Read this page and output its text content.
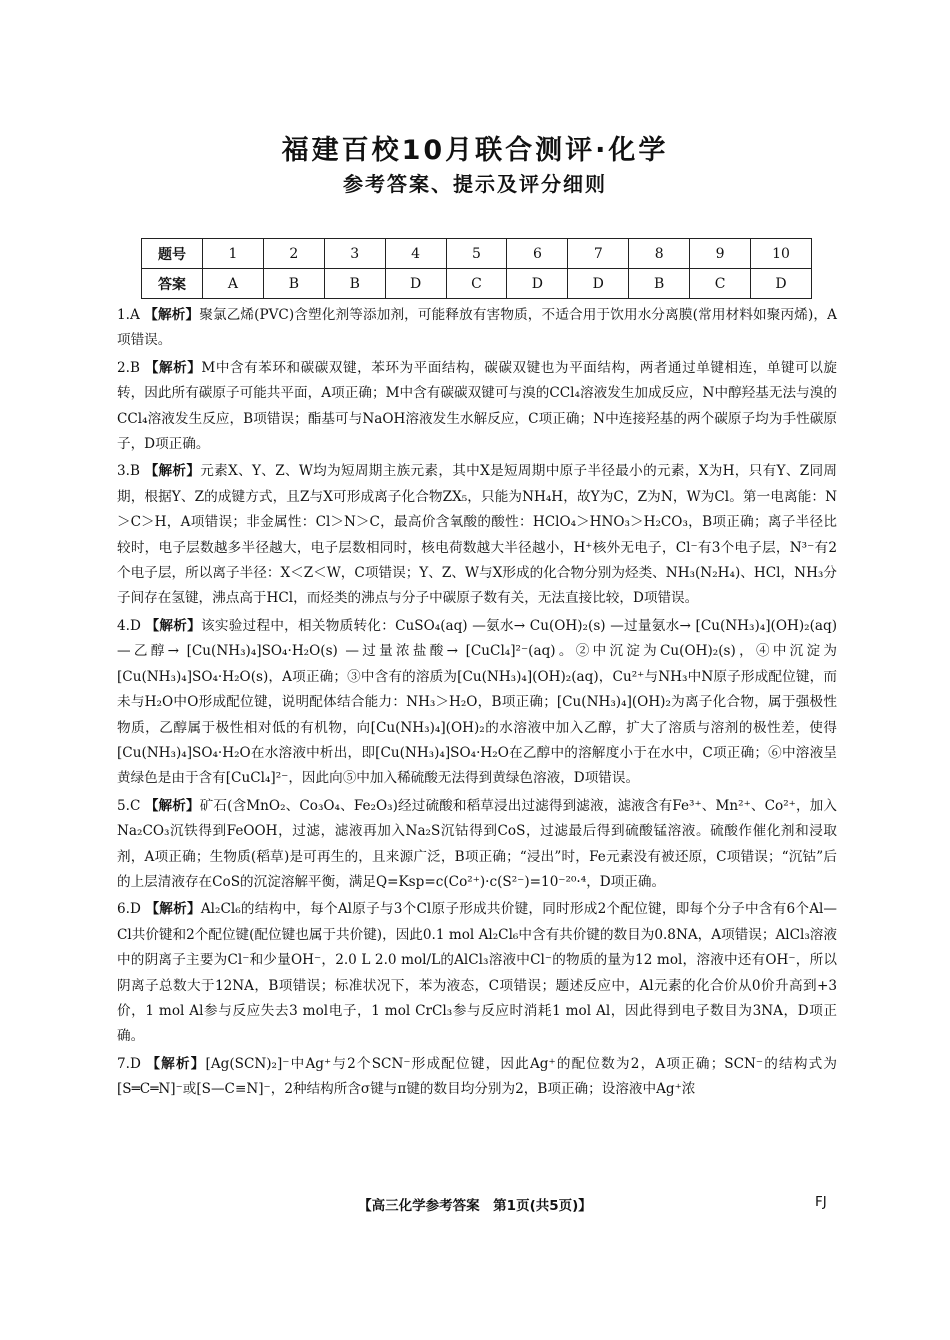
福建百校10月联合测评·化学
参考答案、提示及评分细则
题号	1	2	3	4	5	6	7	8	9	10
答案	A	B	B	D	C	D	D	B	C	D

1.A 【解析】聚氯乙烯(PVC)含塑化剂等添加剂，可能释放有害物质，不适合用于饮用水分离膜(常用材料如聚丙烯)，A项错误。

2.B 【解析】M中含有苯环和碳碳双键，苯环为平面结构，碳碳双键也为平面结构，两者通过单键相连，单键可以旋转，因此所有碳原子可能共平面，A项正确；M中含有碳碳双键可与溴的CCl₄溶液发生加成反应，N中醇羟基无法与溴的CCl₄溶液发生反应，B项错误；酯基可与NaOH溶液发生水解反应，C项正确；N中连接羟基的两个碳原子均为手性碳原子，D项正确。

3.B 【解析】元素X、Y、Z、W均为短周期主族元素，其中X是短周期中原子半径最小的元素，X为H，只有Y、Z同周期，根据Y、Z的成键方式，且Z与X可形成离子化合物ZX₅，只能为NH₄H，故Y为C，Z为N，W为Cl。第一电离能：N＞C＞H，A项错误；非金属性：Cl＞N＞C，最高价含氧酸的酸性：HClO₄＞HNO₃＞H₂CO₃，B项正确；离子半径比较时，电子层数越多半径越大，电子层数相同时，核电荷数越大半径越小，H⁺核外无电子，Cl⁻有3个电子层，N³⁻有2个电子层，所以离子半径：X＜Z＜W，C项错误；Y、Z、W与X形成的化合物分别为烃类、NH₃(N₂H₄)、HCl，NH₃分子间存在氢键，沸点高于HCl，而烃类的沸点与分子中碳原子数有关，无法直接比较，D项错误。

4.D 【解析】该实验过程中，相关物质转化：CuSO₄(aq) —氨水→ Cu(OH)₂(s) —过量氨水→ [Cu(NH₃)₄](OH)₂(aq) —乙醇→ [Cu(NH₃)₄]SO₄·H₂O(s) —过量浓盐酸→ [CuCl₄]²⁻(aq)。②中沉淀为Cu(OH)₂(s)，④中沉淀为[Cu(NH₃)₄]SO₄·H₂O(s)，A项正确；③中含有的溶质为[Cu(NH₃)₄](OH)₂(aq)，Cu²⁺与NH₃中N原子形成配位键，而未与H₂O中O形成配位键，说明配体结合能力：NH₃＞H₂O，B项正确；[Cu(NH₃)₄](OH)₂为离子化合物，属于强极性物质，乙醇属于极性相对低的有机物，向[Cu(NH₃)₄](OH)₂的水溶液中加入乙醇，扩大了溶质与溶剂的极性差，使得[Cu(NH₃)₄]SO₄·H₂O在水溶液中析出，即[Cu(NH₃)₄]SO₄·H₂O在乙醇中的溶解度小于在水中，C项正确；⑥中溶液呈黄绿色是由于含有[CuCl₄]²⁻，因此向⑤中加入稀硫酸无法得到黄绿色溶液，D项错误。

5.C 【解析】矿石(含MnO₂、Co₃O₄、Fe₂O₃)经过硫酸和稻草浸出过滤得到滤液，滤液含有Fe³⁺、Mn²⁺、Co²⁺，加入Na₂CO₃沉铁得到FeOOH，过滤，滤液再加入Na₂S沉钴得到CoS，过滤最后得到硫酸锰溶液。硫酸作催化剂和浸取剂，A项正确；生物质(稻草)是可再生的，且来源广泛，B项正确；“浸出”时，Fe元素没有被还原，C项错误；“沉钴”后的上层清液存在CoS的沉淀溶解平衡，满足Q=Ksp=c(Co²⁺)·c(S²⁻)=10⁻²⁰·⁴，D项正确。

6.D 【解析】Al₂Cl₆的结构中，每个Al原子与3个Cl原子形成共价键，同时形成2个配位键，即每个分子中含有6个Al—Cl共价键和2个配位键(配位键也属于共价键)，因此0.1 mol Al₂Cl₆中含有共价键的数目为0.8NA，A项错误；AlCl₃溶液中的阴离子主要为Cl⁻和少量OH⁻，2.0 L 2.0 mol/L的AlCl₃溶液中Cl⁻的物质的量为12 mol，溶液中还有OH⁻，所以阴离子总数大于12NA，B项错误；标准状况下，苯为液态，C项错误；题述反应中，Al元素的化合价从0价升高到+3价，1 mol Al参与反应失去3 mol电子，1 mol CrCl₃参与反应时消耗1 mol Al，因此得到电子数目为3NA，D项正确。

7.D 【解析】[Ag(SCN)₂]⁻中Ag⁺与2个SCN⁻形成配位键，因此Ag⁺的配位数为2，A项正确；SCN⁻的结构式为[S═C═N]⁻或[S—C≡N]⁻，2种结构所含σ键与π键的数目均分别为2，B项正确；设溶液中Ag⁺浓

【高三化学参考答案　第1页(共5页)】	FJ
